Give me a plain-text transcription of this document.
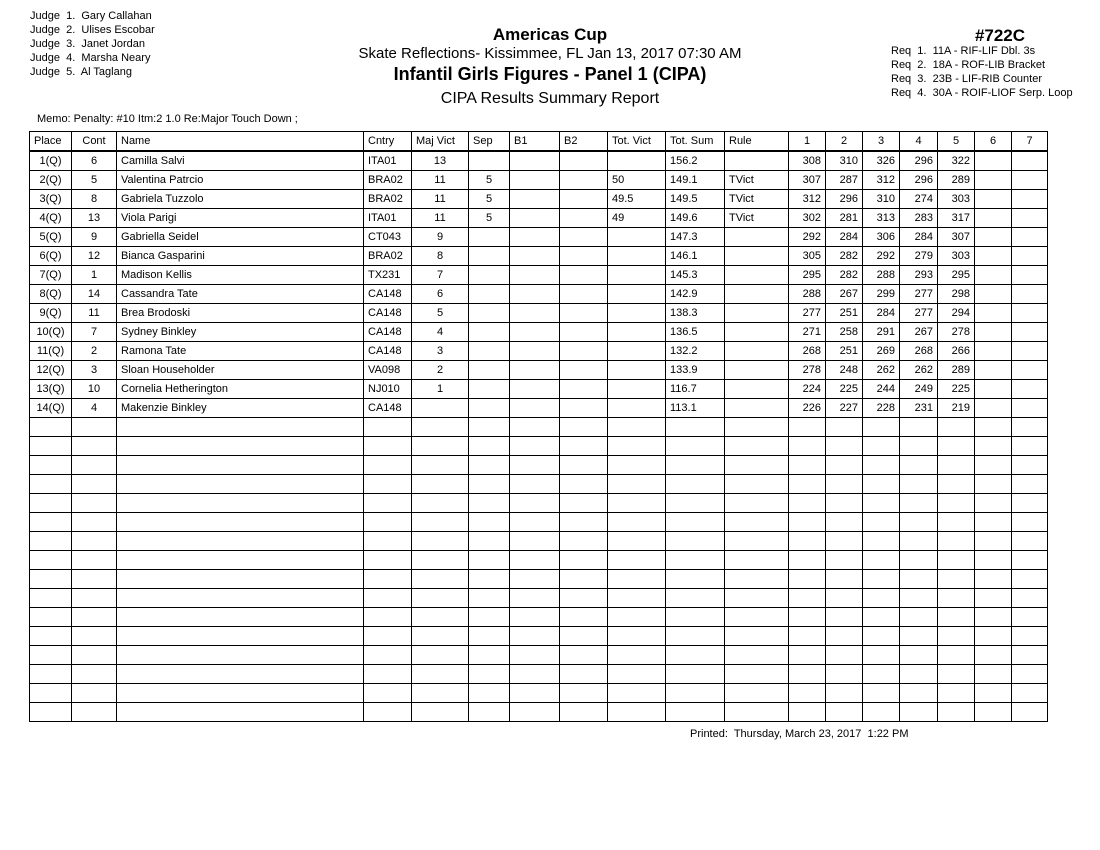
Judge  1.  Gary Callahan
Judge  2.  Ulises Escobar
Judge  3.  Janet Jordan
Judge  4.  Marsha Neary
Judge  5.  Al Taglang
Americas Cup
Skate Reflections- Kissimmee, FL Jan 13, 2017 07:30 AM
Infantil Girls Figures - Panel 1 (CIPA)
CIPA Results Summary Report
#722C
Req  1.  11A - RIF-LIF Dbl. 3s
Req  2.  18A - ROF-LIB Bracket
Req  3.  23B - LIF-RIB Counter
Req  4.  30A - ROIF-LIOF Serp. Loop
Memo: Penalty: #10 Itm:2 1.0 Re:Major Touch Down ;
Place	Cont	Name	Cntry	Maj Vict	Sep	B1	B2	Tot. Vict	Tot. Sum	Rule	1	2	3	4	5	6	7
1(Q)	6	Camilla Salvi	ITA01	13					156.2		308	310	326	296	322		
2(Q)	5	Valentina Patrcio	BRA02	11	5			50	149.1	TVict	307	287	312	296	289		
3(Q)	8	Gabriela Tuzzolo	BRA02	11	5			49.5	149.5	TVict	312	296	310	274	303		
4(Q)	13	Viola Parigi	ITA01	11	5			49	149.6	TVict	302	281	313	283	317		
5(Q)	9	Gabriella Seidel	CT043	9					147.3		292	284	306	284	307		
6(Q)	12	Bianca Gasparini	BRA02	8					146.1		305	282	292	279	303		
7(Q)	1	Madison Kellis	TX231	7					145.3		295	282	288	293	295		
8(Q)	14	Cassandra Tate	CA148	6					142.9		288	267	299	277	298		
9(Q)	11	Brea Brodoski	CA148	5					138.3		277	251	284	277	294		
10(Q)	7	Sydney Binkley	CA148	4					136.5		271	258	291	267	278		
11(Q)	2	Ramona Tate	CA148	3					132.2		268	251	269	268	266		
12(Q)	3	Sloan Householder	VA098	2					133.9		278	248	262	262	289		
13(Q)	10	Cornelia Hetherington	NJ010	1					116.7		224	225	244	249	225		
14(Q)	4	Makenzie Binkley	CA148						113.1		226	227	228	231	219		

Printed:  Thursday, March 23, 2017  1:22 PM
